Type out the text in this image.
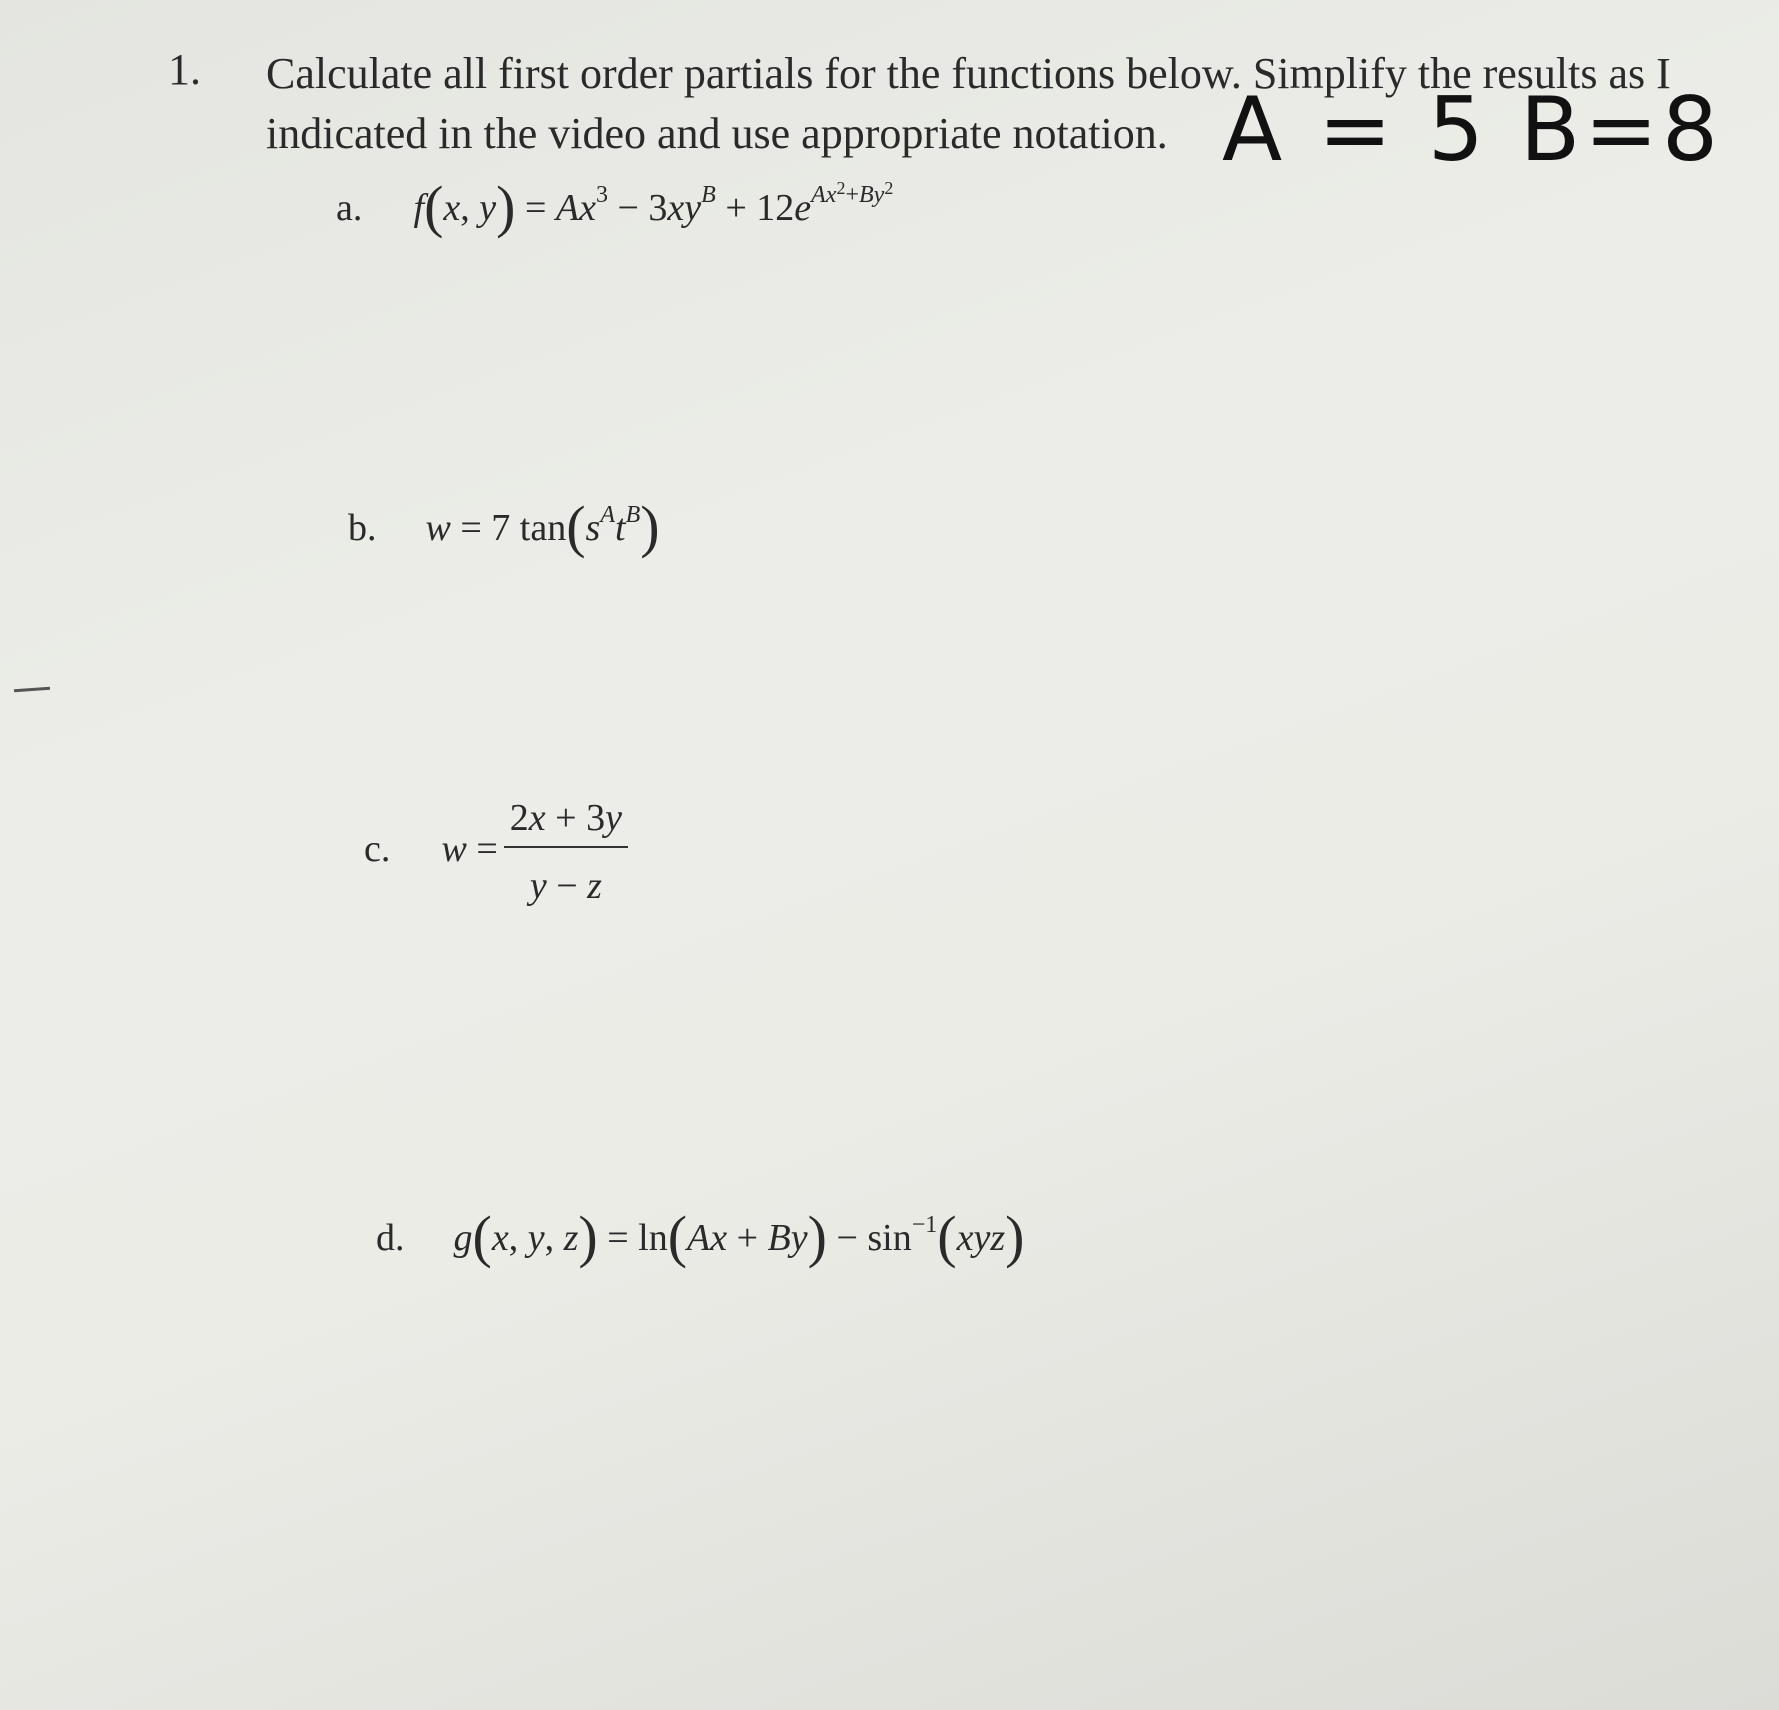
1. Calculate all first order partials for the functions below. Simplify the results as I indicated in the video and use appropriate notation. A = 5 B=8
a. f(x, $y) = Ax^3 - 3xy^B + 12e^{Ax^2+By^2}$
b. w = 7 $\tan(s^At^B)$
c. $w = \frac{2x + 3y}{y - z}$
d. g(x, y, $z) = \ln(Ax + By) - \sin^{-1}(xyz)$
